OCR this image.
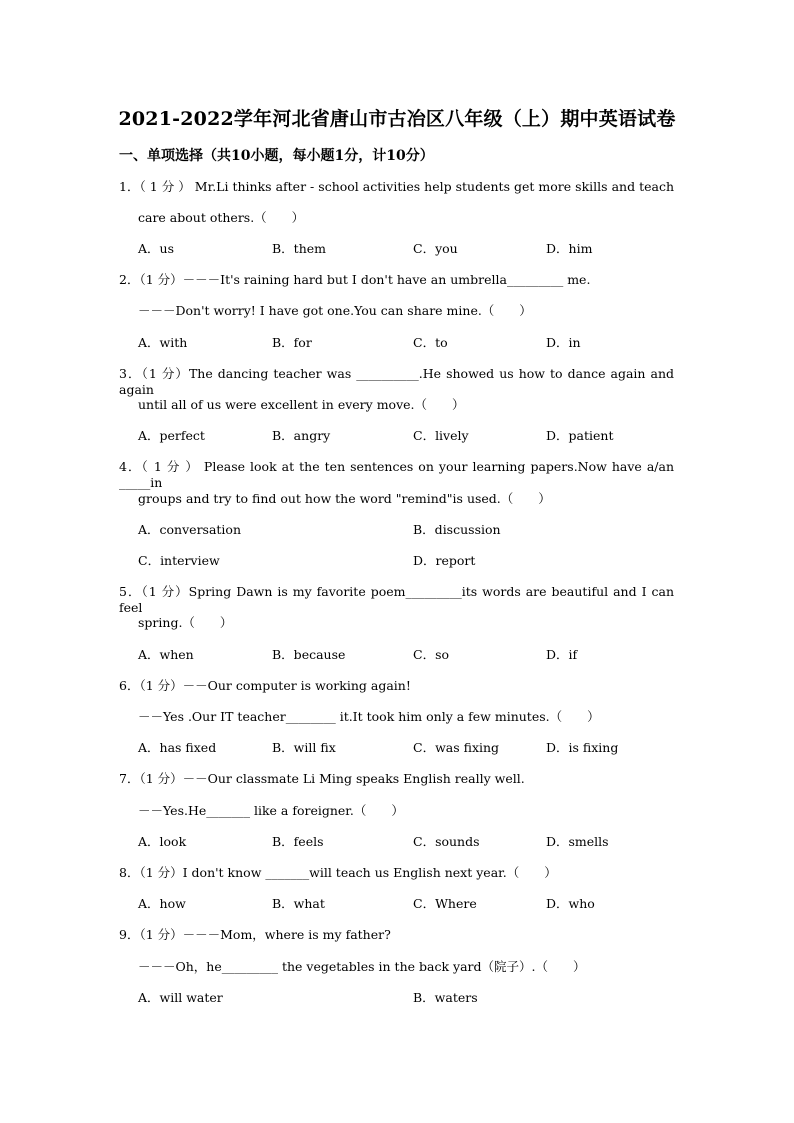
2021-2022学年河北省唐山市古冶区八年级（上）期中英语试卷
一、单项选择（共10小题，每小题1分，计10分）
1．（ 1 分 ） Mr.Li thinks after - school activities help students get more skills and teach
care about others.（　　）
A．us	B．them	C．you	D．him
2．（1 分）－－－It's raining hard but I don't have an umbrella_________ me.
－－－Don't worry! I have got one.You can share mine.（　　）
A．with	B．for	C．to	D．in
3．（1 分）The dancing teacher was __________.He showed us how to dance again and again
until all of us were excellent in every move.（　　）
A．perfect	B．angry	C．lively	D．patient
4．（ 1 分 ） Please look at the ten sentences on your learning papers.Now have a/an _____in
groups and try to find out how the word "remind"is used.（　　）
A．conversation	B．discussion
C．interview	D．report
5．（1 分）Spring Dawn is my favorite poem_________its words are beautiful and I can feel
spring.（　　）
A．when	B．because	C．so	D．if
6．（1 分）－－Our computer is working again!
－－Yes .Our IT teacher________ it.It took him only a few minutes.（　　）
A．has fixed	B．will fix	C．was fixing	D．is fixing
7．（1 分）－－Our classmate Li Ming speaks English really well.
－－Yes.He_______ like a foreigner.（　　）
A．look	B．feels	C．sounds	D．smells
8．（1 分）I don't know _______will teach us English next year.（　　）
A．how	B．what	C．Where	D．who
9．（1 分）－－－Mom，where is my father?
－－－Oh，he_________ the vegetables in the back yard（院子）.（　　）
A．will water	B．waters
